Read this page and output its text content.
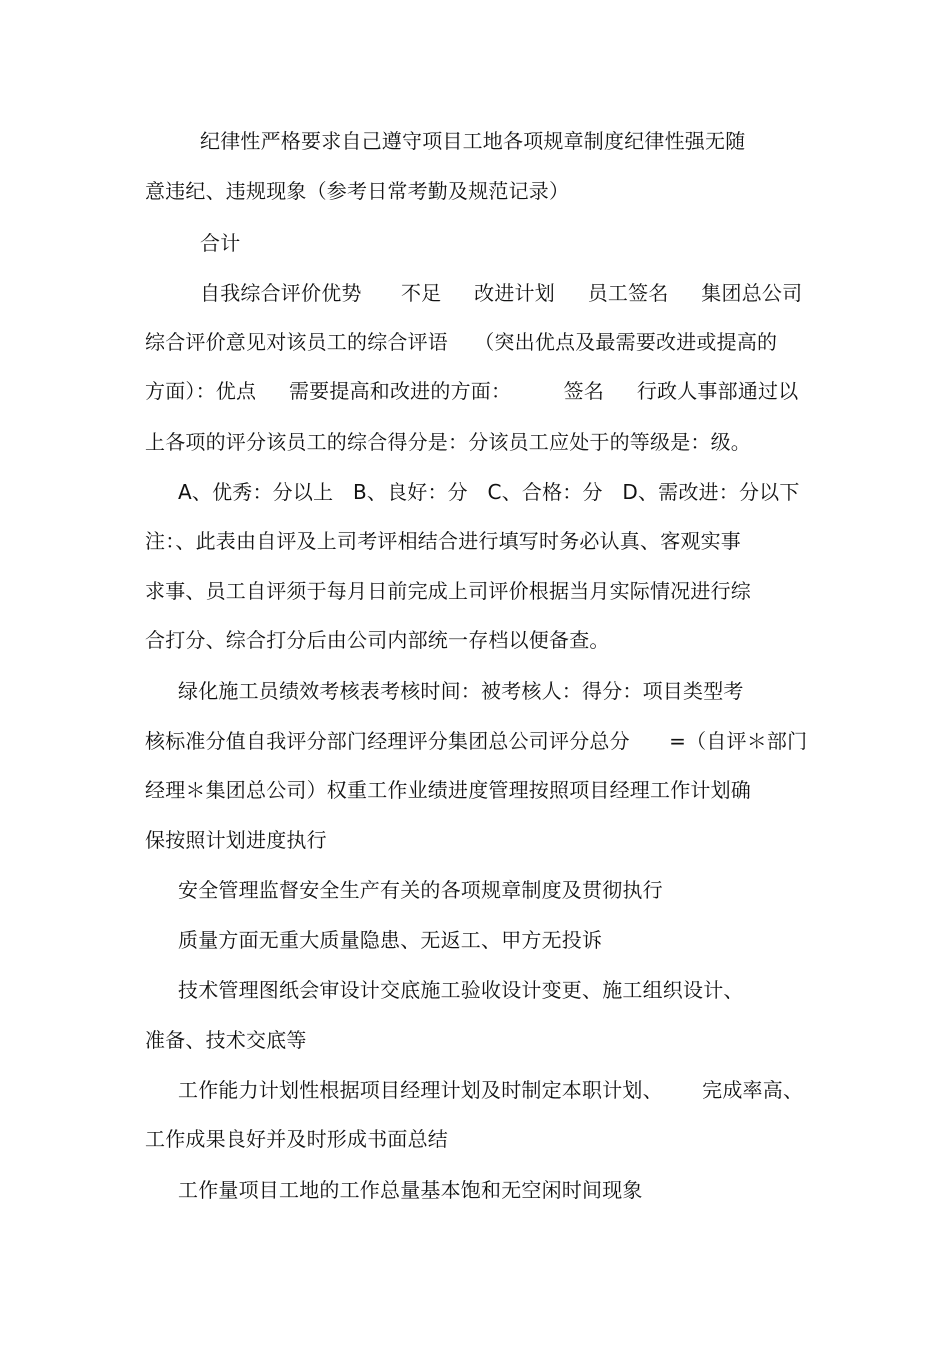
纪律性严格要求自己遵守项目工地各项规章制度纪律性强无随
意违纪、违规现象（参考日常考勤及规范记录）
合计
自我综合评价优势      不足     改进计划     员工签名     集团总公司
综合评价意见对该员工的综合评语    （突出优点及最需要改进或提高的
方面）：优点     需要提高和改进的方面：        签名     行政人事部通过以
上各项的评分该员工的综合得分是：分该员工应处于的等级是：级。
A、优秀：分以上   B、良好：分   C、合格：分   D、需改进：分以下
注：、此表由自评及上司考评相结合进行填写时务必认真、客观实事
求事、员工自评须于每月日前完成上司评价根据当月实际情况进行综
合打分、综合打分后由公司内部统一存档以便备查。
绿化施工员绩效考核表考核时间：被考核人：得分：项目类型考
核标准分值自我评分部门经理评分集团总公司评分总分      =（自评＊部门
经理＊集团总公司）权重工作业绩进度管理按照项目经理工作计划确
保按照计划进度执行
安全管理监督安全生产有关的各项规章制度及贯彻执行
质量方面无重大质量隐患、无返工、甲方无投诉
技术管理图纸会审设计交底施工验收设计变更、施工组织设计、
准备、技术交底等
工作能力计划性根据项目经理计划及时制定本职计划、      完成率高、
工作成果良好并及时形成书面总结
工作量项目工地的工作总量基本饱和无空闲时间现象
